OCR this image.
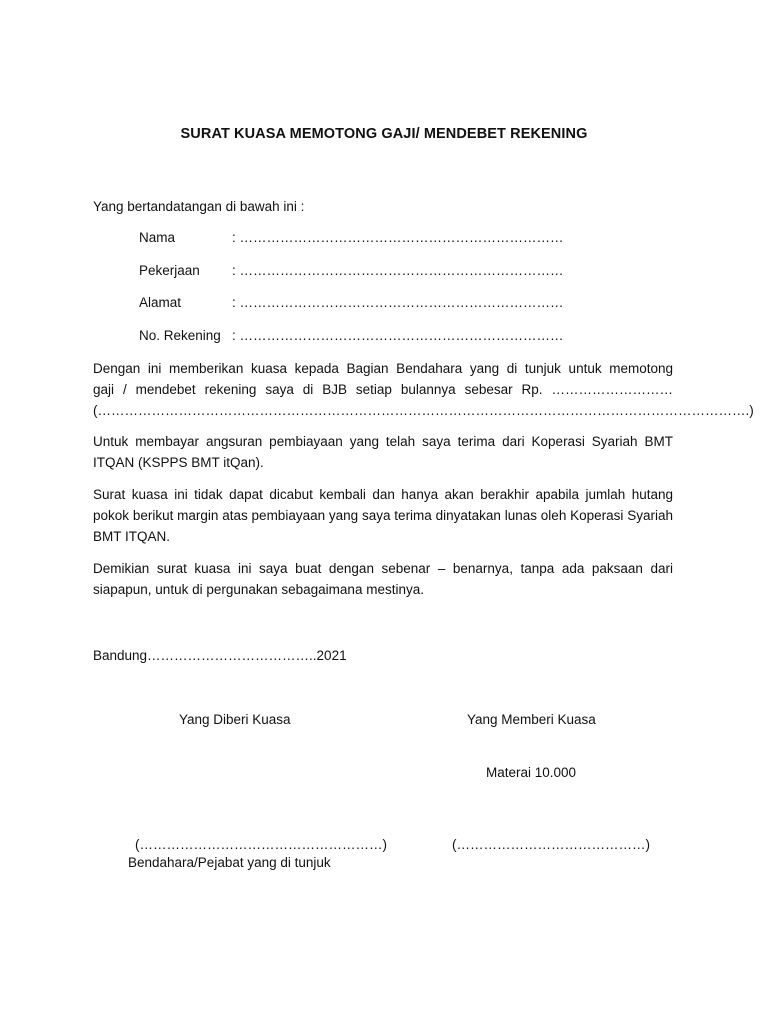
SURAT KUASA MEMOTONG GAJI/ MENDEBET REKENING
Yang bertandatangan di bawah ini :
Nama	: ………………………………………………………………
Pekerjaan : ………………………………………………………………
Alamat	: ………………………………………………………………
No. Rekening : ………………………………………………………………
Dengan ini memberikan kuasa kepada Bagian Bendahara yang di tunjuk untuk memotong
gaji / mendebet rekening saya di BJB setiap bulannya sebesar Rp. ………………………
(……………………………………………………………………………………………………………………………….)
Untuk membayar angsuran pembiayaan yang telah saya terima dari Koperasi Syariah BMT ITQAN (KSPPS BMT itQan).
Surat kuasa ini tidak dapat dicabut kembali dan hanya akan berakhir apabila jumlah hutang pokok berikut margin atas pembiayaan yang saya terima dinyatakan lunas oleh Koperasi Syariah BMT ITQAN.
Demikian surat kuasa ini saya buat dengan sebenar – benarnya, tanpa ada paksaan dari siapapun, untuk di pergunakan sebagaimana mestinya.
Bandung………………………………..2021
Yang Diberi Kuasa	Yang Memberi Kuasa
Materai 10.000
(………………………………………………)	(……………………………………)
Bendahara/Pejabat yang di tunjuk
